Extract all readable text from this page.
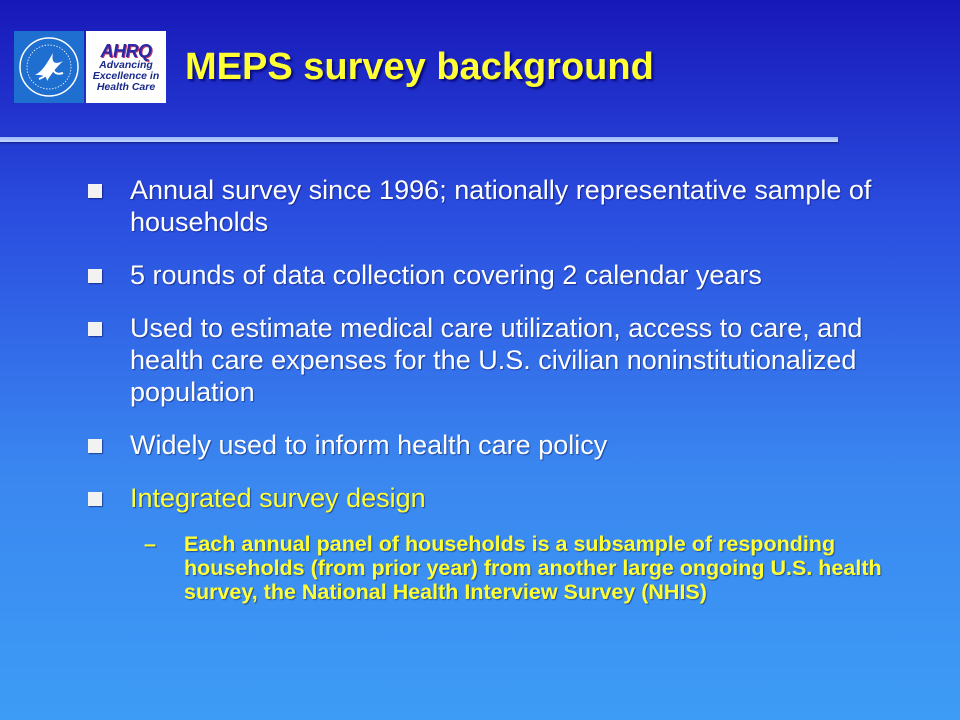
AHRQ
Advancing
Excellence in
Health Care MEPS survey background
Annual survey since 1996; nationally representative sample of households
5 rounds of data collection covering 2 calendar years
Used to estimate medical care utilization, access to care, and health care expenses for the U.S. civilian noninstitutionalized population
Widely used to inform health care policy
Integrated survey design
– Each annual panel of households is a subsample of responding households (from prior year) from another large ongoing U.S. health survey, the National Health Interview Survey (NHIS)
